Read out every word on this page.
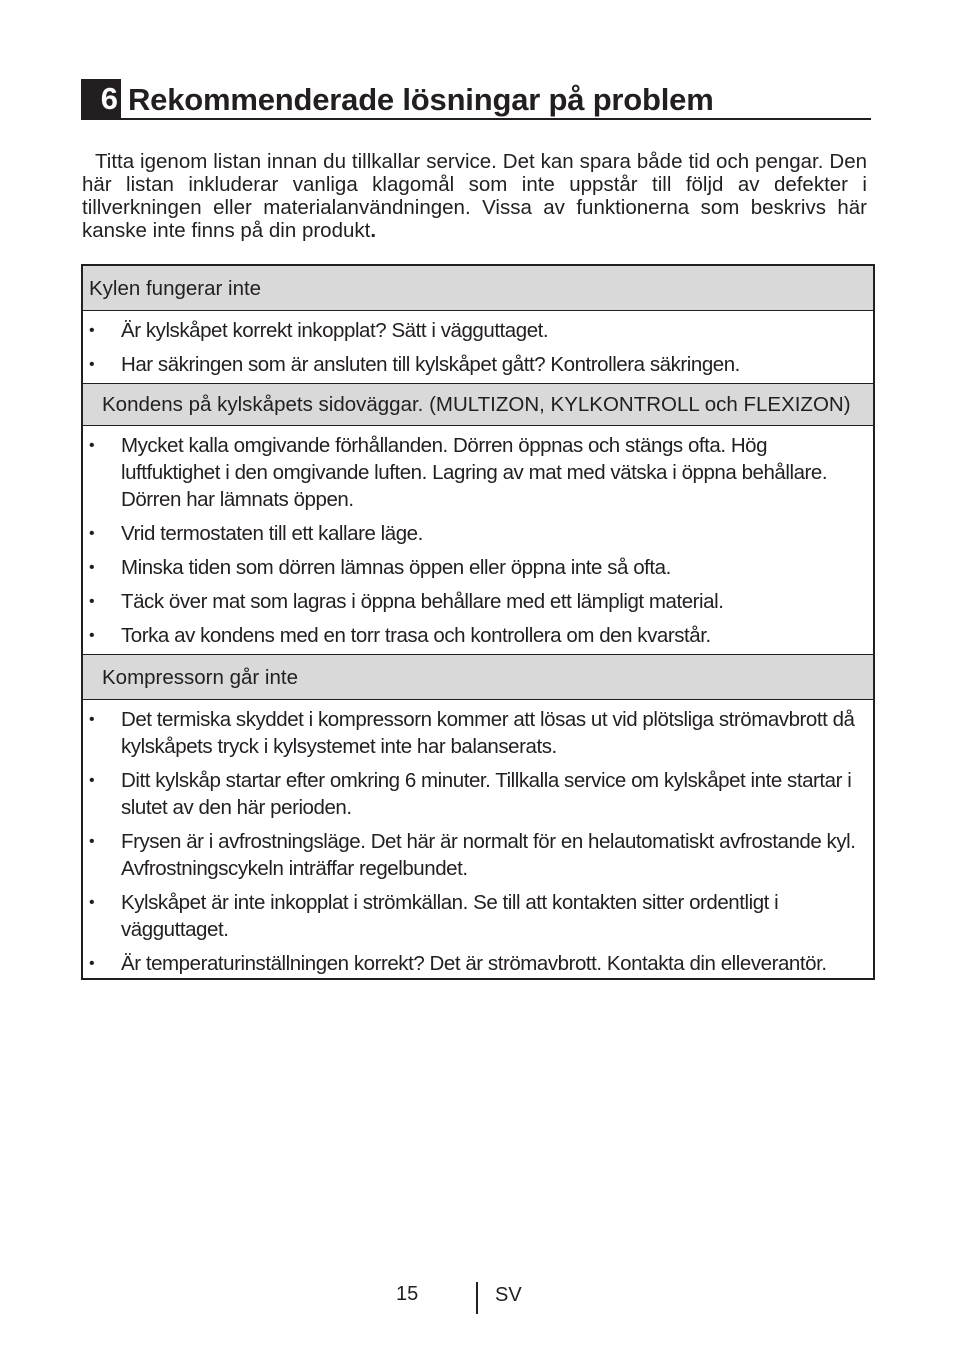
6 Rekommenderade lösningar på problem

Titta igenom listan innan du tillkallar service. Det kan spara både tid och pengar. Den här listan inkluderar vanliga klagomål som inte uppstår till följd av defekter i tillverkningen eller materialanvändningen. Vissa av funktionerna som beskrivs här kanske inte finns på din produkt.

Kylen fungerar inte
• Är kylskåpet korrekt inkopplat? Sätt i vägguttaget.
• Har säkringen som är ansluten till kylskåpet gått? Kontrollera säkringen.
Kondens på kylskåpets sidoväggar. (MULTIZON, KYLKONTROLL och FLEXIZON)
• Mycket kalla omgivande förhållanden. Dörren öppnas och stängs ofta. Hög luftfuktighet i den omgivande luften. Lagring av mat med vätska i öppna behållare. Dörren har lämnats öppen.
• Vrid termostaten till ett kallare läge.
• Minska tiden som dörren lämnas öppen eller öppna inte så ofta.
• Täck över mat som lagras i öppna behållare med ett lämpligt material.
• Torka av kondens med en torr trasa och kontrollera om den kvarstår.
Kompressorn går inte
• Det termiska skyddet i kompressorn kommer att lösas ut vid plötsliga strömavbrott då kylskåpets tryck i kylsystemet inte har balanserats.
• Ditt kylskåp startar efter omkring 6 minuter. Tillkalla service om kylskåpet inte startar i slutet av den här perioden.
• Frysen är i avfrostningsläge. Det här är normalt för en helautomatiskt avfrostande kyl. Avfrostningscykeln inträffar regelbundet.
• Kylskåpet är inte inkopplat i strömkällan. Se till att kontakten sitter ordentligt i vägguttaget.
• Är temperaturinställningen korrekt? Det är strömavbrott. Kontakta din elleverantör.
15	SV
